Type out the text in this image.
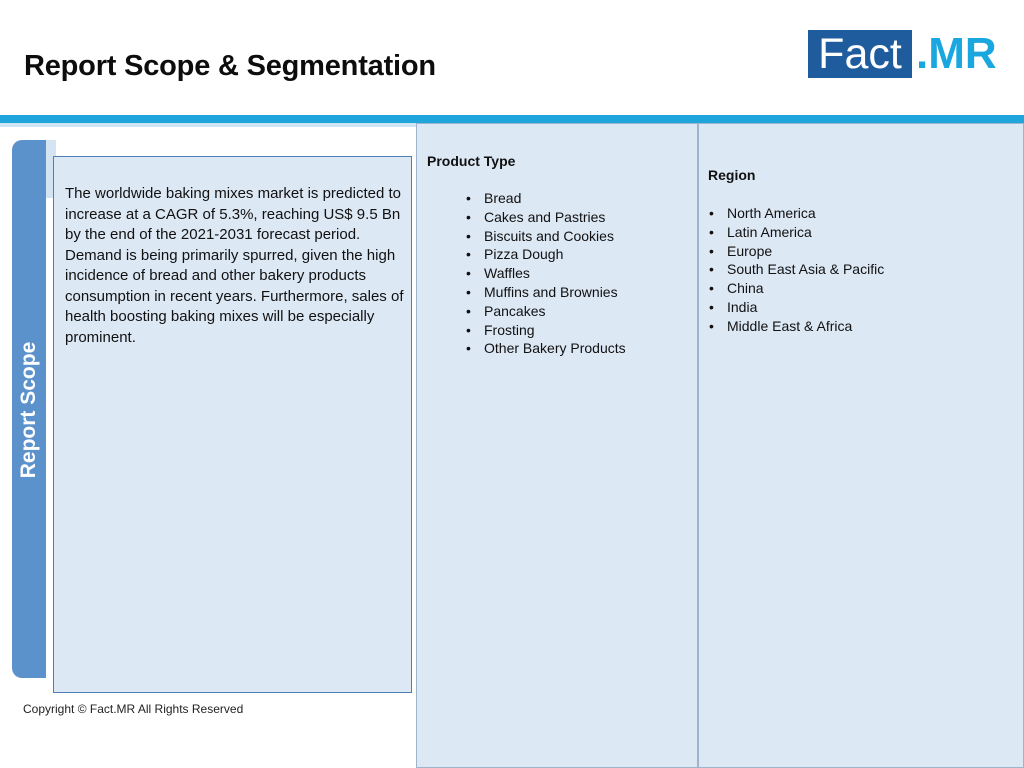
Report Scope & Segmentation	Fact .MR
Product Type
• Bread
• Cakes and Pastries
• Biscuits and Cookies
• Pizza Dough
• Waffles
• Muffins and Brownies
• Pancakes
• Frosting
• Other Bakery Products
Region
• North America
• Latin America
• Europe
• South East Asia & Pacific
• China
• India
• Middle East & Africa
Report Scope
The worldwide baking mixes market is predicted to increase at a CAGR of 5.3%, reaching US$ 9.5 Bn by the end of the 2021-2031 forecast period. Demand is being primarily spurred, given the high incidence of bread and other bakery products consumption in recent years. Furthermore, sales of health boosting baking mixes will be especially prominent.
Copyright © Fact.MR All Rights Reserved
